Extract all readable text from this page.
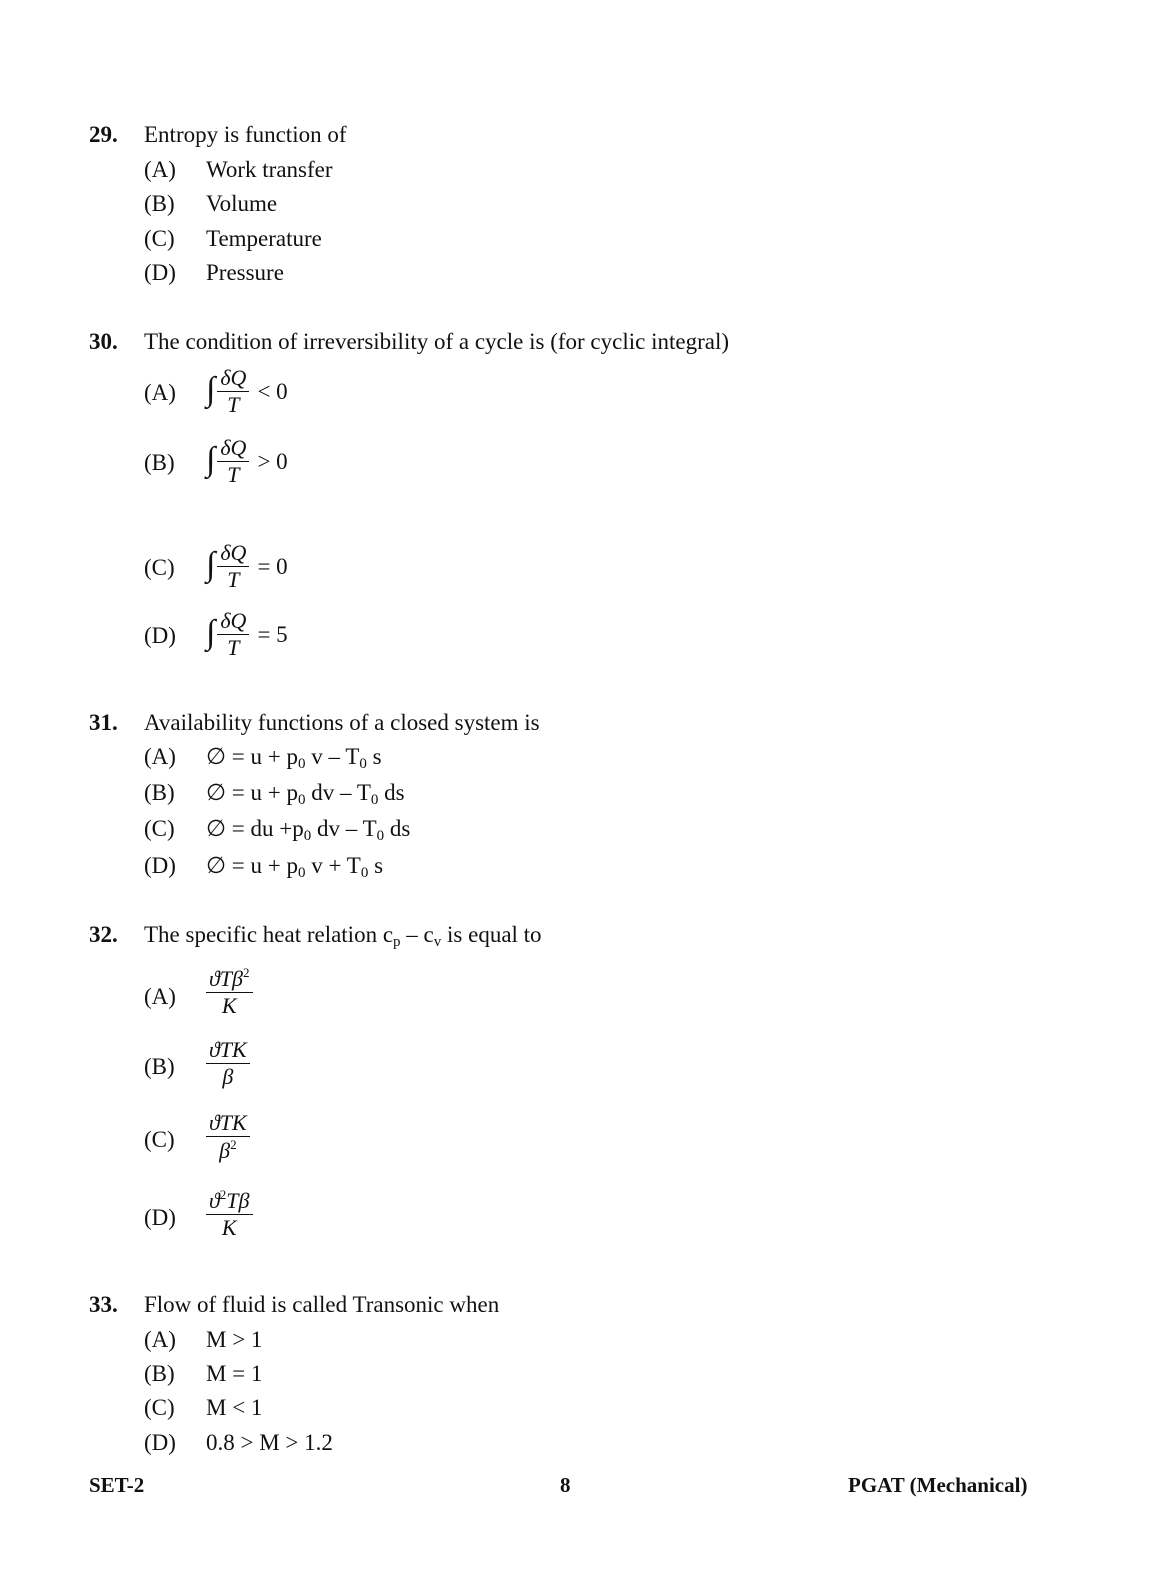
29. Entropy is function of
(A) Work transfer
(B) Volume
(C) Temperature
(D) Pressure
30. The condition of irreversibility of a cycle is (for cyclic integral)
(A) ∫ $\frac{\delta Q}{T} < 0$
(B) ∫ $\frac{\delta Q}{T} > 0$
(C) ∫ $\frac{\delta Q}{T} = 0$
(D) ∫ $\frac{\delta Q}{T} = 5$
31. Availability functions of a closed system is
(A) ∅ = $u + p_0$ v – $T_0$ s
(B) ∅ = $u + p_0$ dv – $T_0$ ds
(C) ∅ = du $+p_0$ dv – $T_0$ ds
(D) ∅ = $u + p_0$ $v + T_0$ s
32. The specific heat relation $c_p - c_v$ is equal to
$(A) \frac{ϑT\beta^2}{K}$
$(B) \frac{\text{ϑTK}}{\beta}$
$(C) \frac{\text{ϑTK}}{\beta^2}$
$(D) \frac{ϑ^2T\beta}{K}$
33. Flow of fluid is called Transonic when
(A) M > 1
(B) M = 1
(C) M < 1
(D) 0.8 > M > 1.2
SET-2	8	PGAT (Mechanical)
